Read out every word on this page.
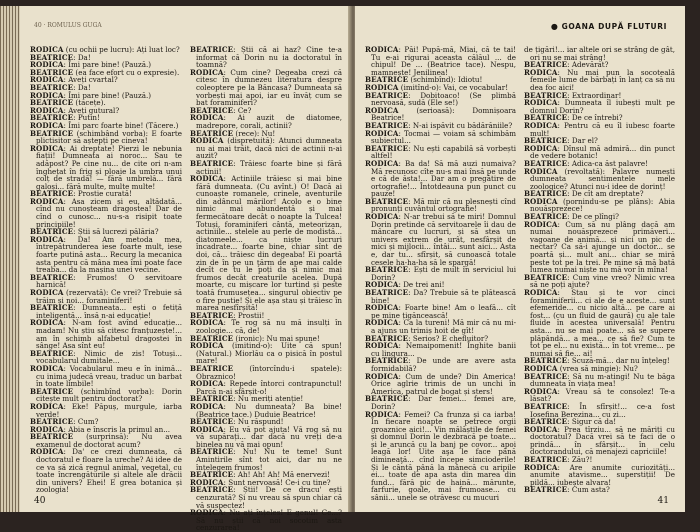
40 · ROMULUS GUGA

RODICA (cu ochii pe lucru): Ați luat loc?

BEATRICE: Da!

RODICA: Îmi pare bine! (Pauză.)

BEATRICE (ea face efort cu o expresie).

RODICA: Aveți cvartal?

BEATRICE: Da!

RODICA: Îmi pare bine! (Pauză.)

BEATRICE (tacețe).

RODICA: Aveți gutural?

BEATRICE: Putin!

RODICA: Îmi parc foarte bine! (Tăcere.)

BEATRICE (schimbând vorba): E foarte plictisitor să aștepți pe cineva!

RODICA: Ai dreptate! Pierzi le nebunia fiații! Dumneata ai noroc... Sau te adăpost? Pe cine nu... de cite ori n-am înghețat în frig și ploaie la umbra unui colț de stradă! — fără umbrelă... fără galoși... fără multe, multe multe!

BEATRICE: Prostie curată!

RODICA: Asa zicem și eu, altădată... cînd nu cunoșteam dragostea! Dar de cînd o cunosc... nu-s-a risipit toate principiile!

BEATRICE: Știi să lucrezi pălăria?

RODICA: Da! Am metoda mea, întrepătrunderea iese foarte mult, iese foarte putină asta... Recurg la mecanica asta pentru că mâna mea îmi poate face treaba... da la mașina unei vecine.

BEATRICE: Frumos! O servitoare harnică!

RODICA (rezervată): Ce vrei? Trebuie să trăim și noi... foraminiferi!

BEATRICE: Dumneata... ești o fetiță inteligentă... însă n-ai educație!

RODICA: N-am fost avînd educație... madam! Nu știu să citesc franțuzește!... am în schimb alfabetul dragostei în sânge! Asa sînt eu!

BEATRICE: Nimic de zis! Totuși... vocabularul dumitale...

RODICA: Vocabularul meu e în inimă... cu inima judecă vreau, traduc un barbat în toate limbile!

BEATRICE (schimbînd vorba): Dorin citește mult pentru doctorat?

RODICA: Eke! Păpuș, murgule, iarba verde!

BEATRICE: Cum?

RODICA: Abia e înscris la primul an...

BEATRICE (surprinsă): Nu avea examenul de doctorat acum?

RODICA: Da' ce crezi dumneata, că doctoratul e floare la ureche? Ai idee de ce va să zică regnul animal, vegetal, cu toate încrengăturile și altele ale drăcii din univers? Ehei! E grea botanica și zoologia!

BEATRICE: Știi că ai haz? Cine te-a informat că Dorin nu ia doctoratul în toamnă?

RODICA: Cum cine? Degeaba crezi că citesc în dumnezeu literatura despre coleoptere pe la Băncasa? Dumneata să vorbești mai apoi, iar eu învăț cum se bat foraminiferi?

BEATRICE: Ce?

RODICA: Ai auzit de diatomee, madrepore, corali, actinii?

BEATRICE (rece): Nu!

RODICA (dispretuită): Atunci dumneata nu ai mai trăit, dacă nici de actinii n-ai auzit?

BEATRICE: Trăiesc foarte bine și fără actinii!

RODICA: Actiniile trăiesc și mai bine fără dumneata. (Cu avînt.) O! Dacă ai cunoaște romanele, crinele, aventurile din adâncul mărilor! Acolo e o bine nimic mai abundentă și mai fermecătoare decât o noapte la Tulcea! Totuși, foraminiferi cântă, meteorizan, actiniile... stelele au perle de modistă... diatomeele... ca niște lucruri încadrate... foarte bine, chiar sînt de doi, că... trăiesc din degeaba! Ei poartă zin de în pe un ţărm de ape mai calde decît ce tu le poți da și nimic mai frumos decât creaturile acelea. După moarte, cu mișcare lor turtind și peste toată frumusețea... singurul obiectiv pe o fire pustie! Și ele așa stau și trăiesc în marea nesfîrșită!

BEATRICE: Prostii!

RODICA: Te rog să nu mă insulți în zoologie... că, de!

BEATRICE (ironic): Nu mai spune!

RODICA (imitind-o): Uite că spun! (Natural.) Miorlău ca o pisică în postul mare!

BEATRICE (întorcîndu-i spatele): Obraznico!

RODICA: Repede întorci contrapunctul! Parcă n-ai sfârșit-o!

BEATRICE: Nu meriți atenție!

RODICA: Nu dumneata? Ba bine! (Beatrice tace.) Duduie Beatrice!

BEATRICE: Nu răspund!

RODICA: Eu vă pot ajuta! Vă rog să nu vă supărați... dar dacă nu vreți de-a binelea nu vă mai opun!

BEATRICE: Nu! Nu te teme! Sunt Amintirile sînt tot aici, dar nu ne înțelegem frumos!

BEATRICE: Ah! Ah! Ah! Mă enervezi!

RODICA: Sunt nervoasă! Ce-i cu tine?

BEATRICE: Știi! De ce dracu' ești cenzurată? Și nu vreau să spun chiar că vă suspectez!

RODICA: Nu ați înțeles! E genul! Ce...? Să nu știi că noi socotim asta cenzurarea!

40
● GOANA DUPĂ FLUTURI

RODICA: Păi! Pupă-mă, Miai, că te tai! Tu e-ai rigurai aceasta călăul ... de chipul! De ... (Beatrice tace). Nespu, mamnește! Jenilinea!

BEATRICE (schimbînd): Idiotu!

RODICA (imitînd-o): Vai, ce vocabular!

BEATRICE: Dobitoaco! (Se plimbă nervoasă, sudă (Ele se!)

RODICA (serioasă): Domnișoara Beatrice!

BEATRICE: N-ai ispăvit cu bădărăniile?

RODICA: Tocmai — voiam să schimbăm subiectul...

BEATRICE: Nu ești capabilă să vorbești altfel!

RODICA: Ba da! Să mă auzi numaiva? Mă recunosc cîte nu-s mai însă pe unde e că de ăsta!... Dar am o pregătire de ortografie!... Întotdeauna pun punct cu pauze!

BEATRICE: Mă mir că nu plesnești cînd pronunți cuvântul ortografie!

RODICA: N-ar trebui să te miri! Domnul Dorin pretinde că servitoarele îi dau de mâncare cu lucruri, și să stea un univers extrem de urât, nesfârșit de mici și mijlocii... întâi... sunt aici... Asta e, dar tu... sfîrșit, să cunoască totale cesele ha-ha-ha să le spargă!

BEATRICE: Ești de mult în serviciul lui Dorin?

RODICA: De trei ani!

BEATRICE: Da? Trebuie să te plătească bine!

RODICA: Foarte bine! Am o leafă... cît pe mine țigăncească!

RODICA: Ca la tureni! Mă mir că nu mi-a ajuns un trimiș hoit de gît!

BEATRICE: Serios? E chefluitor?

RODICA: Nemaipomenit! Înghite banii cu lingura...

BEATRICE: De unde are avere asta formidabilă?

RODICA: Cum de unde? Din America! Orice aglrie trimis de un unchi în America, patrul de bogat și sters!

BEATRICE: Dar femei... femei are, Dorin?

RODICA: Femei? Ca frunza și ca iarba! În fiecare noapte se petrece orgii groaznice aici!... Vin mălăștile de femei și domnul Dorin le dezbracă pe toate... și le aruncă cu la banj pe covor... apoi leagă lor! Uite aşa le face până dimineaţă... cînd începe simcioderile! Și le cântă până la mânecă cu aripile ei... toate de apa asta din marea din fund... fără pic de haină... mărunte, farfurie, goale, mai frumoase... cu sânii... unele se otrăvesc cu mucuri

de țigări!... iar altele ori se strâng de gât, ori nu se mai strâng!

BEATRICE: Adevărat?

RODICA: Nu mai pun la socoteală femeile lume de bărbați în lanț ca să nu dea foc aici!

BEATRICE: Extraordinar!

RODICA: Dumneata îl iubești mult pe domnul Dorin?

BEATRICE: De ce întrebi?

RODICA: Pentru că eu îl iubesc foarte mult!

BEATRICE: Dar el?

RODICA: Dînsul mă admiră... din punct de vedere botanic!

BEATRICE: Adica-ca ăst palavre!

RODICA (revoltată): Palavre numești dumneata sentimentele mele zoologice? Atunci nu-i idee de dorinț!

BEATRICE: De cît am dreptate?

RODICA (pornindu-se pe plâns): Abia nouăsprezece!

BEATRICE: De ce plîngi?

RODICA: Cum să nu plâng dacă am numai nouăsprezece primăveri... vagoane de animă... și nici un pic de nectar? Ca să-i ajunge un doctor... se poartă și... mult ani... chiar se miră peste tot pe la trei. Pe mine să mă bată lumea numai niște nu mă vor în mîna!

BEATRICE: Cum vine vreo? Nimic vrea să ne poți ajute?

RODICA: Stau și te vor cinci foraminiferii... ci ale de e aceste... sunt efemeride... cu nicio altă... pe care ai fost... (cu un fluid de gaură) cu ale tale fluide în acestea universală! Pentru asta... nu se mai poate... să se supere plăpândă... a mea... ce să fie? Cum te tot pe el... nu există... în tot vreme... pe numai să fie... ai!

BEATRICE: Scuză-mă... dar nu înțeleg!

RODICA (vrea să mingie): Nu?

BEATRICE: Să nu m-atingi! Nu te băga dumneata în viața mea!

RODICA: Vreau să te consolez! Te-a lăsat?

BEATRICE: În sfîrșit!... ce-a fost Iosefina Berezina... cu zi...

BEATRICE: Sigur că da!

RODICA: Prea tîrziu... să ne măriți cu doctoratul? Dacă vrei să te faci de o prindă... în sfârșit... în celu doctorandului, că menajezi capriciile!

BEATRICE: Zău?!

RODICA: Are anumite curiozități... anumite atavisme... superstiții! De pildă... iubește alvara!

BEATRICE: Cum asta?

41
